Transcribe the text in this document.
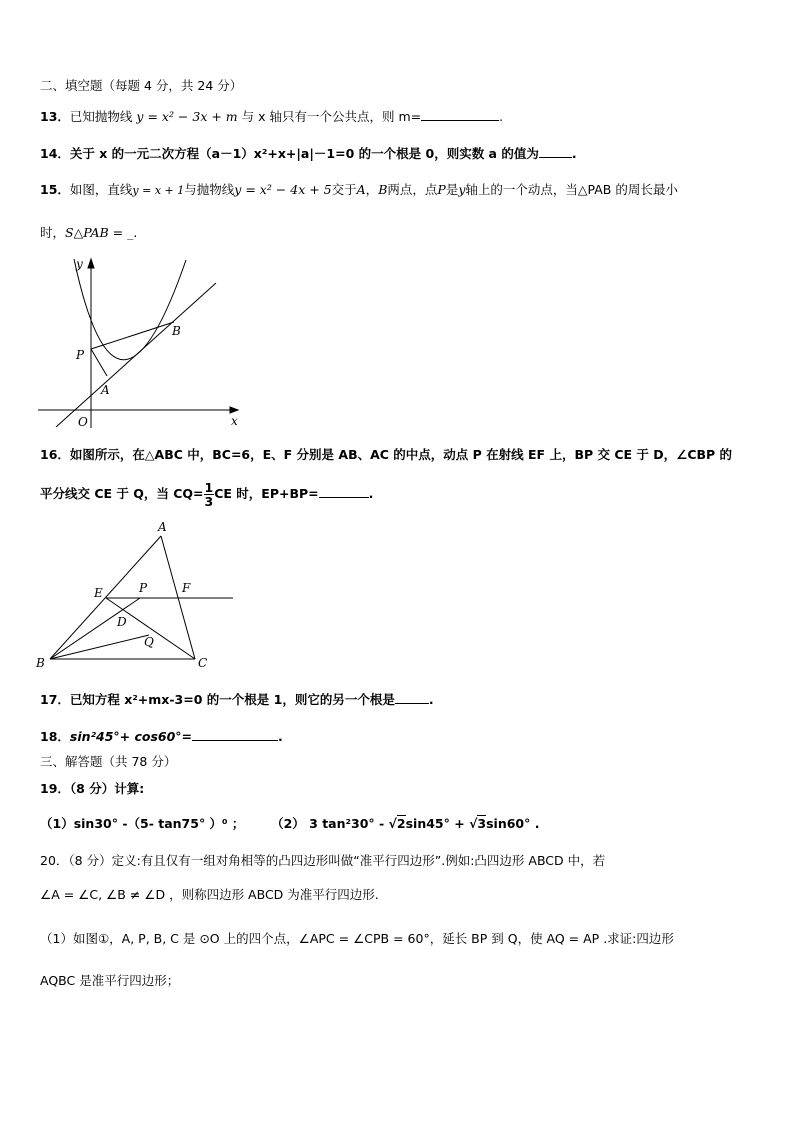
二、填空题（每题 4 分，共 24 分）
13．已知抛物线 y = x² − 3x + m 与 x 轴只有一个公共点，则 m=	.
14．关于 x 的一元二次方程（a－1）x²+x+|a|－1=0 的一个根是 0，则实数 a 的值为	.
15．如图，直线y = x + 1与抛物线y = x² − 4x + 5交于A，B两点，点P是y轴上的一个动点，当△PAB 的周长最小
时，S△PAB = _.
y
x
O
A
B
P
16．如图所示，在△ABC 中，BC=6，E、F 分别是 AB、AC 的中点，动点 P 在射线 EF 上，BP 交 CE 于 D，∠CBP 的
平分线交 CE 于 Q，当 $CQ= \frac{1}{3}$ CE 时，EP+BP=	.
A
E	P	F
D
Q
B	C
17．已知方程 x²+mx-3=0 的一个根是 1，则它的另一个根是	.
18．sin²45°+ cos60°=	.
三、解答题（共 78 分）
19．（8 分）计算:
（1）sin30° -（5- tan75° ）⁰ ； （2） 3 tan²30° - √2sin45° + √3sin60° .
20．（8 分）定义:有且仅有一组对角相等的凸四边形叫做“准平行四边形”.例如:凸四边形 ABCD 中，若
∠A = ∠C, ∠B ≠ ∠D ，则称四边形 ABCD 为准平行四边形.
（1）如图①，A, P, B, C 是 ⊙O 上的四个点，∠APC = ∠CPB = 60°，延长 BP 到 Q，使 AQ = AP .求证:四边形
AQBC 是准平行四边形；
